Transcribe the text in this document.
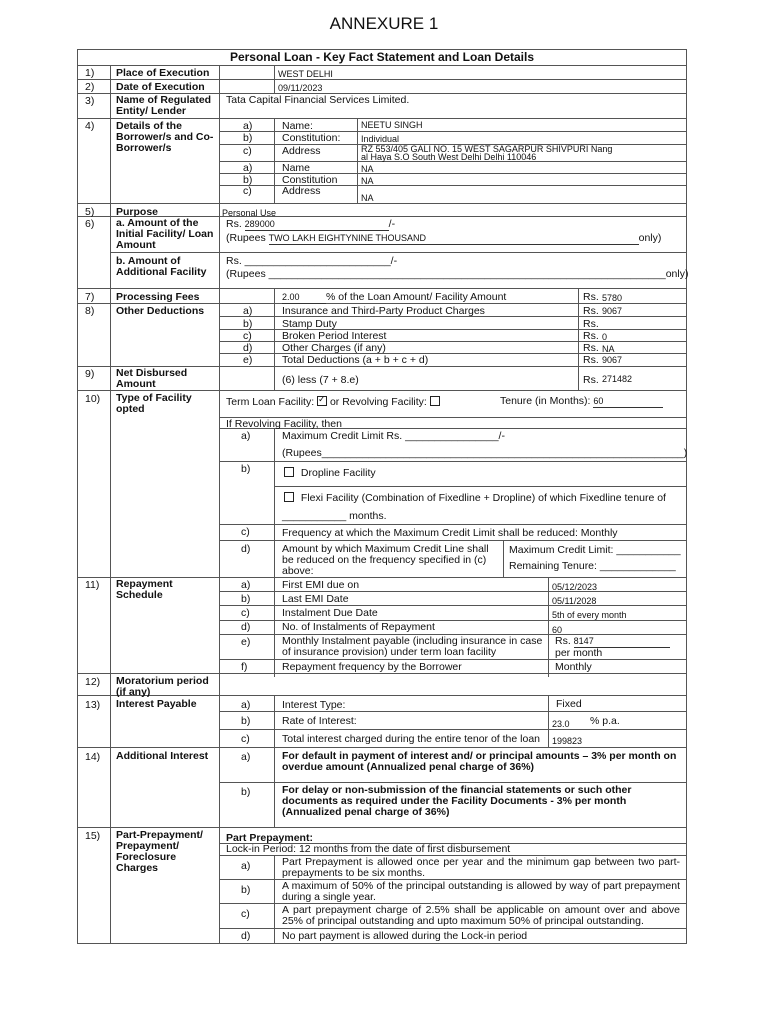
ANNEXURE 1
Personal Loan - Key Fact Statement and Loan Details
1) Place of Execution	WEST DELHI
2) Date of Execution	09/11/2023
3) Name of Regulated Entity/ Lender
Tata Capital Financial Services Limited.
4) Details of the Borrower/s and Co-Borrower/s
a)	Name:	NEETU SINGH
b)	Constitution: Individual
c)	Address	RZ 553/405 GALI NO. 15 WEST SAGARPUR SHIVPURI Nang
al Haya S.O South West Delhi Delhi 110046
a)	Name	NA
b)	Constitution	NA
c)	Address
NA
5) Purpose	Personal Use
6) a. Amount of the Initial Facility/ Loan Amount
Rs. 289000	/-
(Rupees TWO LAKH EIGHTYNINE THOUSAND	only)
b. Amount of Additional Facility
Rs. _________________________/-
(Rupees ____________________________________________________________________only)
7) Processing Fees	2.00	% of the Loan Amount/ Facility Amount	Rs. 5780
8) Other Deductions	a)	Insurance and Third-Party Product Charges	Rs. 9067
b)	Stamp Duty	Rs.
c)	Broken Period Interest	Rs. 0
d)	Other Charges (if any)	Rs. NA
e)	Total Deductions (a + b + c + d)	Rs. 9067
9) Net Disbursed Amount	(6) less (7 + 8.e)	Rs. 271482
10) Type of Facility opted
Term Loan Facility: ✓ or Revolving Facility:	Tenure (in Months): 60
If Revolving Facility, then
a)	Maximum Credit Limit Rs. ________________/-
(Rupees______________________________________________________________)
b)	Dropline Facility
Flexi Facility (Combination of Fixedline + Dropline) of which Fixedline tenure of
___________ months.
c)	Frequency at which the Maximum Credit Limit shall be reduced: Monthly
d)	Amount by which Maximum Credit Line shall be reduced on the frequency specified in (c) above:
Maximum Credit Limit: ___________
Remaining Tenure: _____________
11) Repayment Schedule
a)	First EMI due on	05/12/2023
b)	Last EMI Date	05/11/2028
c)	Instalment Due Date	5th of every month
d)	No. of Instalments of Repayment	60
e)	Monthly Instalment payable (including insurance in case of insurance provision) under term loan facility
Rs. 8147
per month
f)	Repayment frequency by the Borrower	Monthly
12) Moratorium period (if any)
13) Interest Payable	a)	Interest Type:	Fixed
b)	Rate of Interest:	23.0 % p.a.
c)	Total interest charged during the entire tenor of the loan 199823
14) Additional Interest	a)	For default in payment of interest and/ or principal amounts – 3% per month on overdue amount (Annualized penal charge of 36%)
b)	For delay or non-submission of the financial statements or such other documents as required under the Facility Documents - 3% per month (Annualized penal charge of 36%)
15) Part-Prepayment/ Prepayment/ Foreclosure Charges
Part Prepayment:
Lock-in Period: 12 months from the date of first disbursement
a)	Part Prepayment is allowed once per year and the minimum gap between two part-prepayments to be six months.
b)	A maximum of 50% of the principal outstanding is allowed by way of part prepayment during a single year.
c)	A part prepayment charge of 2.5% shall be applicable on amount over and above 25% of principal outstanding and upto maximum 50% of principal outstanding.
d)	No part payment is allowed during the Lock-in period
